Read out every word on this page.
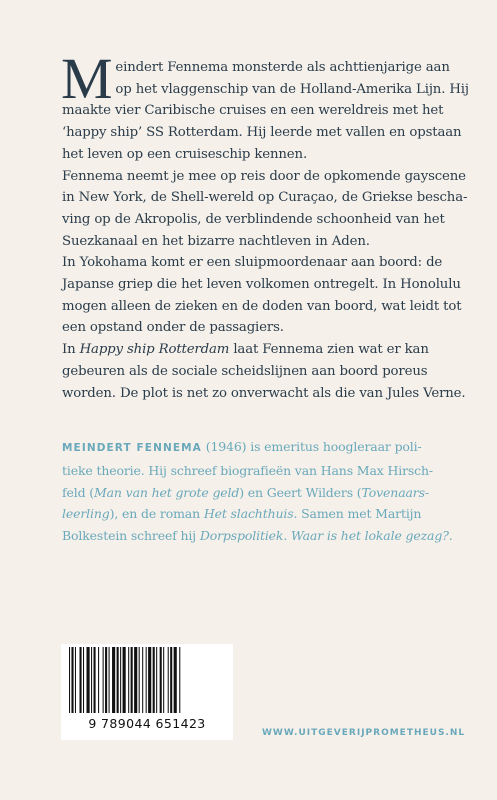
M eindert Fennema monsterde als achttienjarige aan

op het vlaggenschip van de Holland-Amerika Lijn. Hij

maakte vier Caribische cruises en een wereldreis met het

‘happy ship’ SS Rotterdam. Hij leerde met vallen en opstaan

het leven op een cruiseschip kennen.

Fennema neemt je mee op reis door de opkomende gayscene

in New York, de Shell-wereld op Curaçao, de Griekse bescha-

ving op de Akropolis, de verblindende schoonheid van het

Suezkanaal en het bizarre nachtleven in Aden.

In Yokohama komt er een sluipmoordenaar aan boord: de

Japanse griep die het leven volkomen ontregelt. In Honolulu

mogen alleen de zieken en de doden van boord, wat leidt tot

een opstand onder de passagiers.

In Happy ship Rotterdam laat Fennema zien wat er kan

gebeuren als de sociale scheidslijnen aan boord poreus

worden. De plot is net zo onverwacht als die van Jules Verne.

MEINDERT FENNEMA (1946) is emeritus hoogleraar poli-

tieke theorie. Hij schreef biografieën van Hans Max Hirsch-

feld (Man van het grote geld) en Geert Wilders (Tovenaars-

leerling), en de roman Het slachthuis. Samen met Martijn

Bolkestein schreef hij Dorpspolitiek. Waar is het lokale gezag?.

9 789044 651423
WWW.UITGEVERIJPROMETHEUS.NL
